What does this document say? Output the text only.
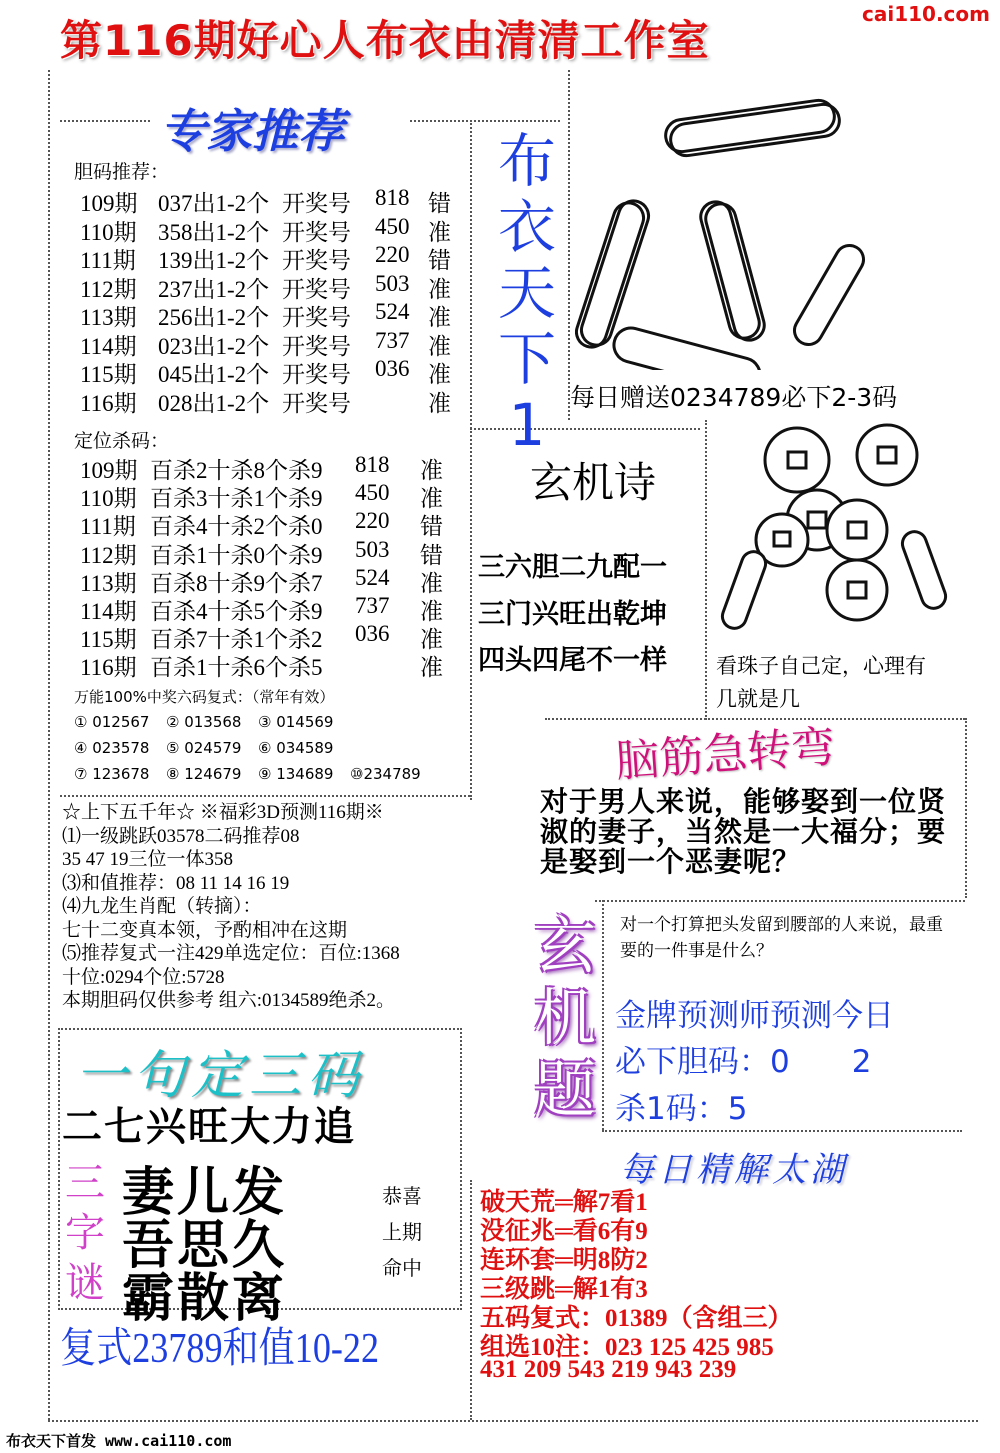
第116期好心人布衣由清清工作室
cai110.com
专家推荐
胆码推荐：
109期 037出1-2个 开奖号 818 错
110期 358出1-2个 开奖号 450 准
111期 139出1-2个 开奖号 220 错
112期 237出1-2个 开奖号 503 准
113期 256出1-2个 开奖号 524 准
114期 023出1-2个 开奖号 737 准
115期 045出1-2个 开奖号 036 准
116期 028出1-2个 开奖号	准
定位杀码：
109期 百杀2十杀8个杀9 818 准
110期 百杀3十杀1个杀9 450 准
111期 百杀4十杀2个杀0 220 错
112期 百杀1十杀0个杀9 503 错
113期 百杀8十杀9个杀7 524 准
114期 百杀4十杀5个杀9 737 准
115期 百杀7十杀1个杀2 036 准
116期 百杀1十杀6个杀5	准
万能100%中奖六码复式：（常年有效）
① 012567 ② 013568 ③ 014569
④ 023578 ⑤ 024579 ⑥ 034589
⑦ 123678 ⑧ 124679 ⑨ 134689 ⑩234789
☆上下五千年☆ ※福彩3D预测116期※
⑴一级跳跃03578二码推荐08
35 47 19三位一体358
⑶和值推荐：08 11 14 16 19
⑷九龙生肖配（转摘）：
七十二变真本领，予酌相冲在这期
⑸推荐复式一注429单选定位：百位:1368
十位:0294个位:5728
本期胆码仅供参考 组六:0134589绝杀2。
布
衣
天
下
1 每日赠送0234789必下2-3码
玄机诗
三六胆二九配一
三门兴旺出乾坤
四头四尾不一样 看珠子自己定，心理有几就是几
脑筋急转弯
对于男人来说，能够娶到一位贤淑的妻子，当然是一大福分；要是娶到一个恶妻呢？
玄
机
题
对一个打算把头发留到腰部的人来说，最重要的一件事是什么？
金牌预测师预测今日
必下胆码：0　　2
杀1码：5
每日精解太湖
破天荒═解7看1
没征兆═看6有9
连环套═明8防2
三级跳═解1有3
五码复式：01389（含组三）
组选10注：023 125 425 985
431 209 543 219 943 239
一句定三码
二七兴旺大力追
三
字
谜
妻儿发
吾思久
霸散离
恭喜
上期
命中
复式23789和值10-22
布衣天下首发 www.cai110.com
